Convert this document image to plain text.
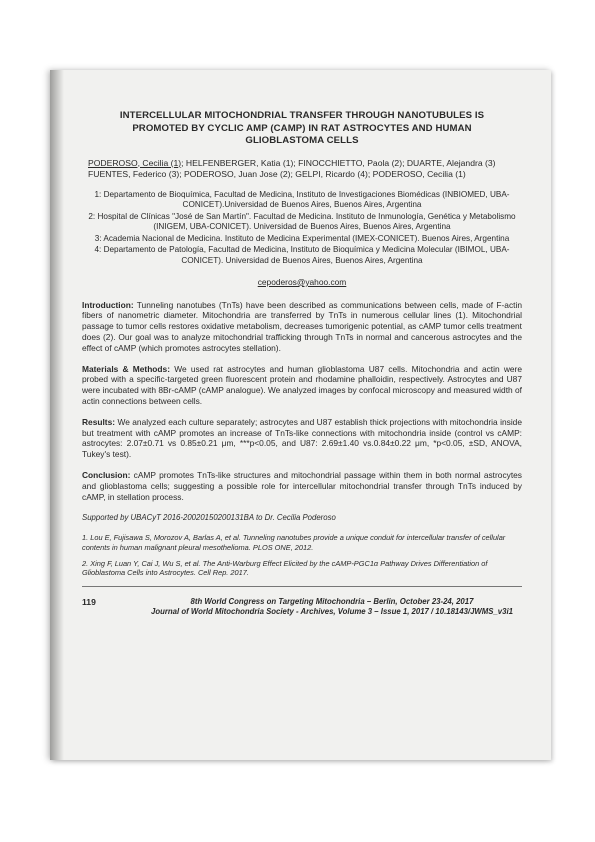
INTERCELLULAR MITOCHONDRIAL TRANSFER THROUGH NANOTUBULES IS PROMOTED BY CYCLIC AMP (CAMP) IN RAT ASTROCYTES AND HUMAN GLIOBLASTOMA CELLS
PODEROSO, Cecilia (1); HELFENBERGER, Katia (1); FINOCCHIETTO, Paola (2); DUARTE, Alejandra (3) FUENTES, Federico (3); PODEROSO, Juan Jose (2); GELPI, Ricardo (4); PODEROSO, Cecilia (1)

1: Departamento de Bioquímica, Facultad de Medicina, Instituto de Investigaciones Biomédicas (INBIOMED, UBA-CONICET).Universidad de Buenos Aires, Buenos Aires, Argentina

2: Hospital de Clínicas "José de San Martín". Facultad de Medicina. Instituto de Inmunología, Genética y Metabolismo (INIGEM, UBA-CONICET). Universidad de Buenos Aires, Buenos Aires, Argentina

3: Academia Nacional de Medicina. Instituto de Medicina Experimental (IMEX-CONICET). Buenos Aires, Argentina

4: Departamento de Patología, Facultad de Medicina, Instituto de Bioquímica y Medicina Molecular (IBIMOL, UBA-CONICET). Universidad de Buenos Aires, Buenos Aires, Argentina

cepoderos@yahoo.com
Introduction: Tunneling nanotubes (TnTs) have been described as communications between cells, made of F-actin fibers of nanometric diameter. Mitochondria are transferred by TnTs in numerous cellular lines (1). Mitochondrial passage to tumor cells restores oxidative metabolism, decreases tumorigenic potential, as cAMP tumor cells treatment does (2). Our goal was to analyze mitochondrial trafficking through TnTs in normal and cancerous astrocytes and the effect of cAMP (which promotes astrocytes stellation).
Materials & Methods: We used rat astrocytes and human glioblastoma U87 cells. Mitochondria and actin were probed with a specific-targeted green fluorescent protein and rhodamine phalloidin, respectively. Astrocytes and U87 were incubated with 8Br-cAMP (cAMP analogue). We analyzed images by confocal microscopy and measured width of actin connections between cells.
Results: We analyzed each culture separately; astrocytes and U87 establish thick projections with mitochondria inside but treatment with cAMP promotes an increase of TnTs-like connections with mitochondria inside (control vs cAMP: astrocytes: 2.07±0.71 vs 0.85±0.21 μm, ***p<0.05, and U87: 2.69±1.40 vs.0.84±0.22 μm, *p<0.05, ±SD, ANOVA, Tukey's test).
Conclusion: cAMP promotes TnTs-like structures and mitochondrial passage within them in both normal astrocytes and glioblastoma cells; suggesting a possible role for intercellular mitochondrial transfer through TnTs induced by cAMP, in stellation process.
Supported by UBACyT 2016-20020150200131BA to Dr. Cecilia Poderoso

1. Lou E, Fujisawa S, Morozov A, Barlas A, et al. Tunneling nanotubes provide a unique conduit for intercellular transfer of cellular contents in human malignant pleural mesothelioma. PLOS ONE, 2012.

2. Xing F, Luan Y, Cai J, Wu S, et al. The Anti-Warburg Effect Elicited by the cAMP-PGC1α Pathway Drives Differentiation of Glioblastoma Cells into Astrocytes. Cell Rep. 2017.

119	8th World Congress on Targeting Mitochondria – Berlin, October 23-24, 2017
Journal of World Mitochondria Society - Archives, Volume 3 – Issue 1, 2017 / 10.18143/JWMS_v3i1
